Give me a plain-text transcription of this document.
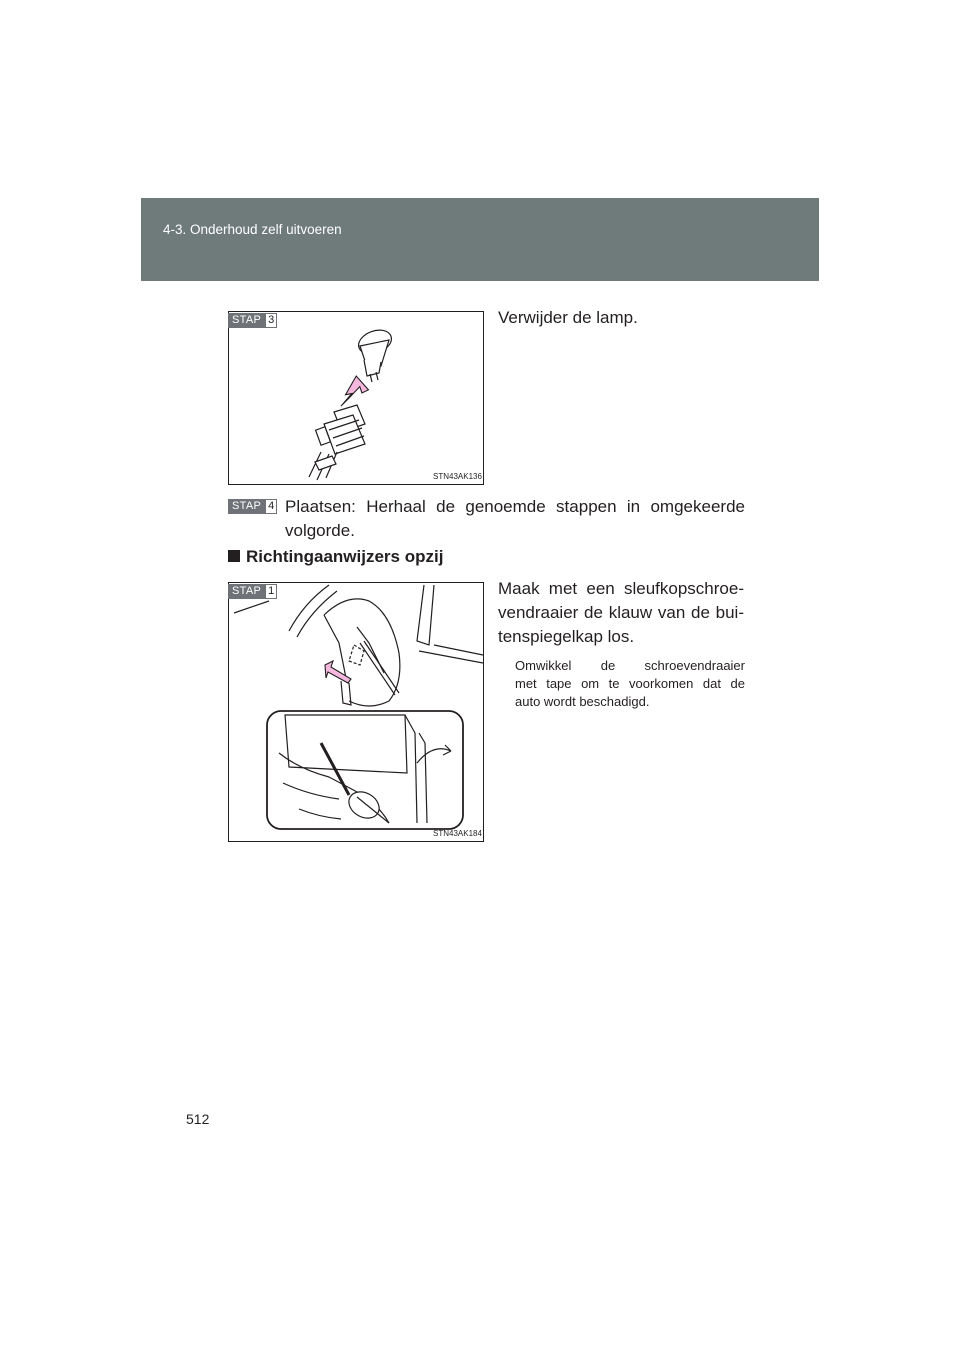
4-3. Onderhoud zelf uitvoeren
STAP 3
STN43AK136
Verwijder de lamp.
STAP 4 Plaatsen: Herhaal de genoemde stappen in omgekeerde
volgorde.
Richtingaanwijzers opzij
STAP 1
STN43AK184
Maak met een sleufkopschroe-
vendraaier de klauw van de bui-
tenspiegelkap los.
Omwikkel de schroevendraaier
met tape om te voorkomen dat de
auto wordt beschadigd.
512
